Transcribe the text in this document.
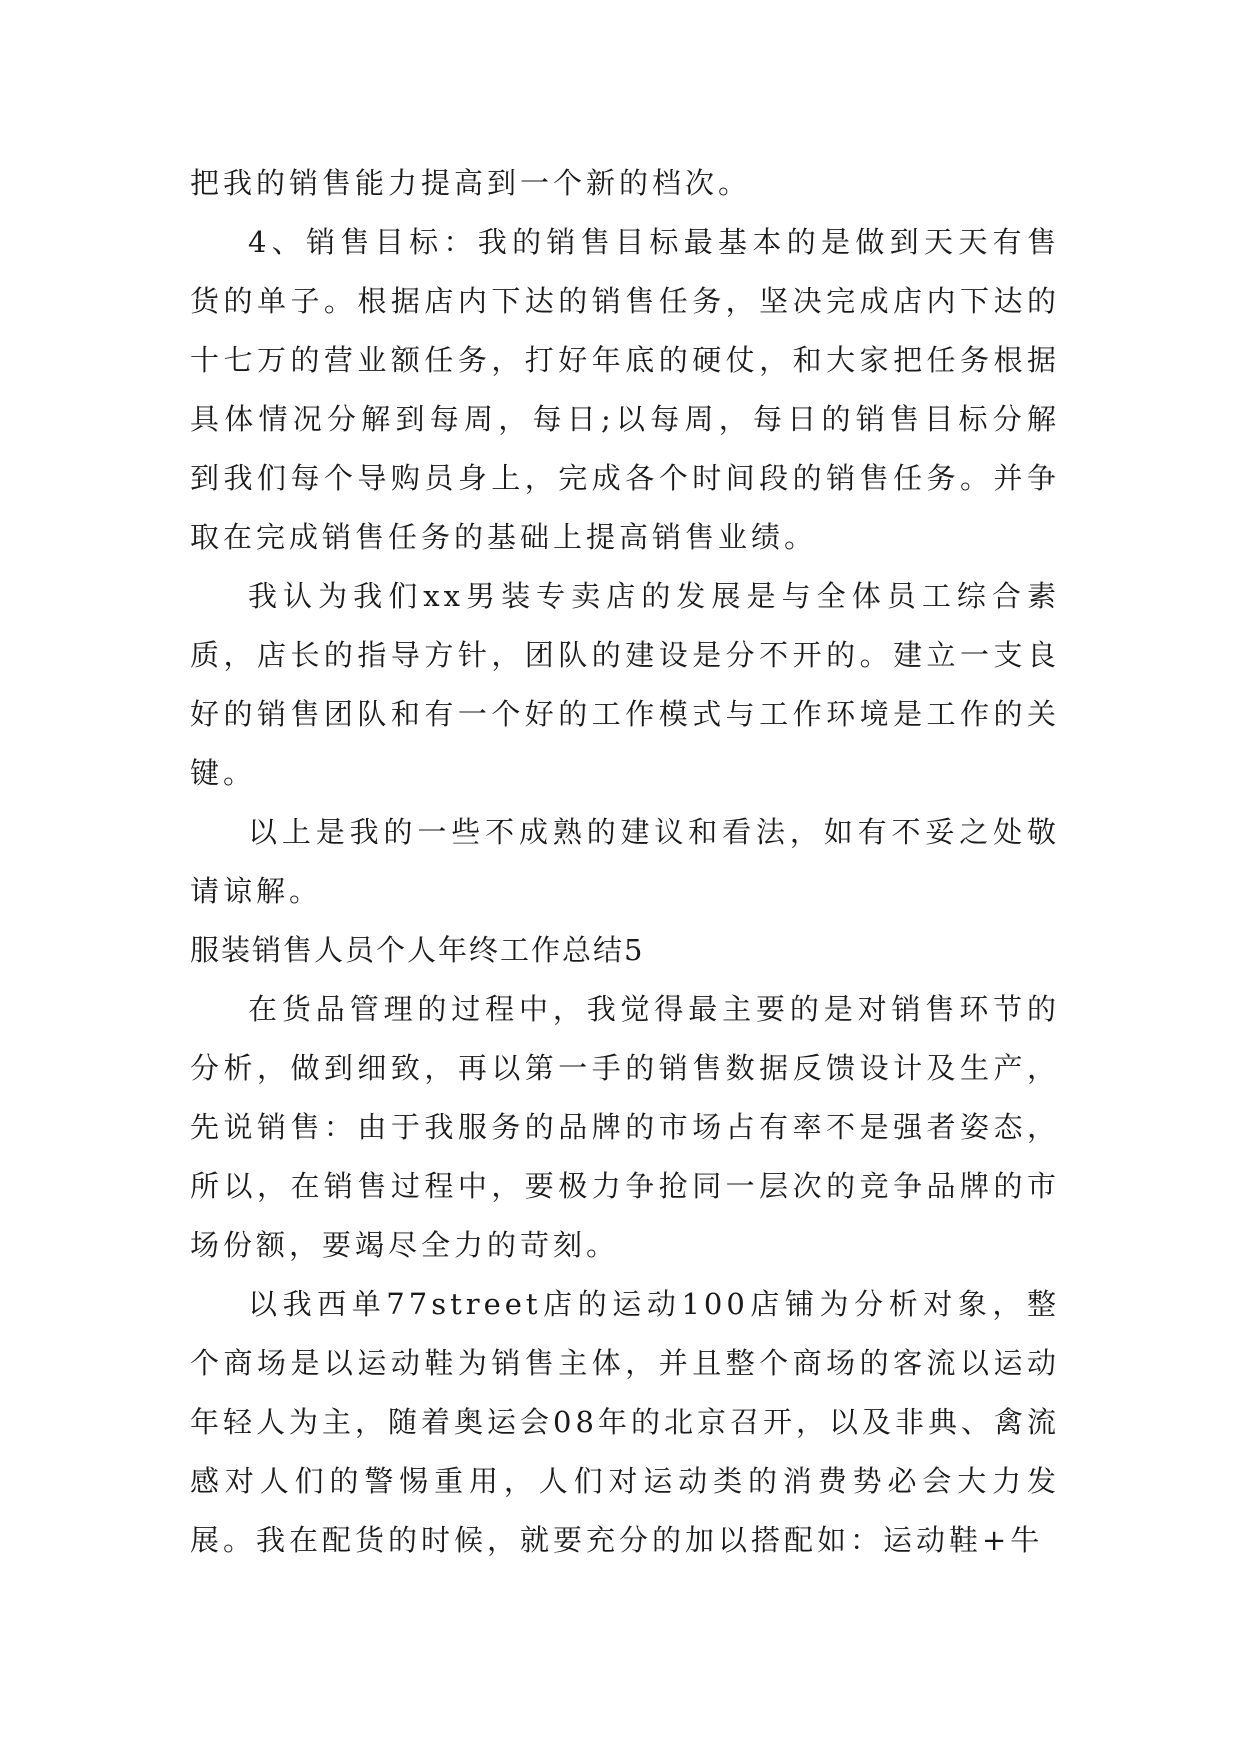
把我的销售能力提高到一个新的档次。

4、销售目标：我的销售目标最基本的是做到天天有售货的单子。根据店内下达的销售任务，坚决完成店内下达的十七万的营业额任务，打好年底的硬仗，和大家把任务根据具体情况分解到每周，每日;以每周，每日的销售目标分解到我们每个导购员身上，完成各个时间段的销售任务。并争取在完成销售任务的基础上提高销售业绩。

我认为我们xx男装专卖店的发展是与全体员工综合素质，店长的指导方针，团队的建设是分不开的。建立一支良好的销售团队和有一个好的工作模式与工作环境是工作的关键。

以上是我的一些不成熟的建议和看法，如有不妥之处敬请谅解。

服装销售人员个人年终工作总结5

在货品管理的过程中，我觉得最主要的是对销售环节的分析，做到细致，再以第一手的销售数据反馈设计及生产，先说销售：由于我服务的品牌的市场占有率不是强者姿态，所以，在销售过程中，要极力争抢同一层次的竞争品牌的市场份额，要竭尽全力的苛刻。

以我西单77street店的运动100店铺为分析对象，整个商场是以运动鞋为销售主体，并且整个商场的客流以运动年轻人为主，随着奥运会08年的北京召开，以及非典、禽流感对人们的警惕重用，人们对运动类的消费势必会大力发展。我在配货的时候，就要充分的加以搭配如：运动鞋+牛
